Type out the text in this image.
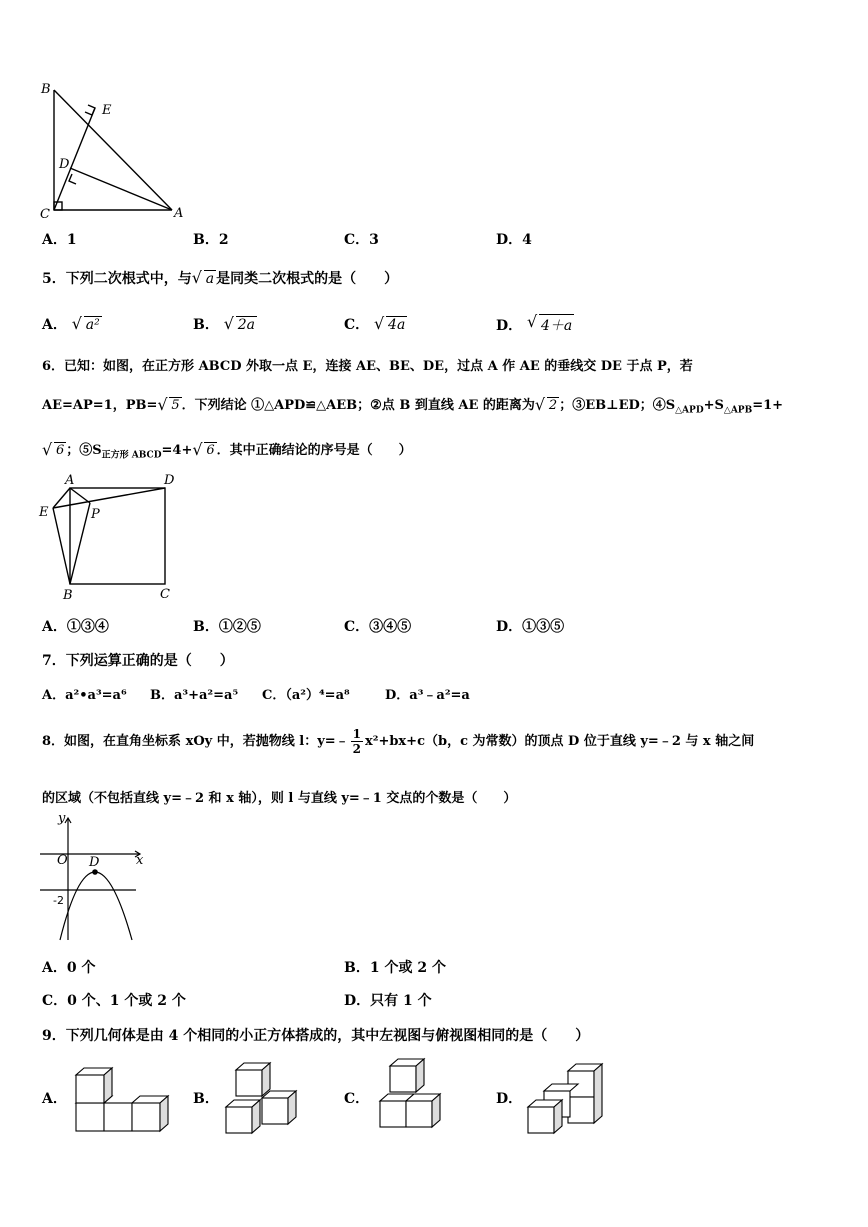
B
E
D
C	A
A．1	B．2	C．3	D．4
5．下列二次根式中，与 √ a 是同类二次根式的是（　　）
A． √ a²	B． √ 2a	C． √ 4a	D． √ 4＋a
6．已知：如图，在正方形 ABCD 外取一点 E，连接 AE、BE、DE，过点 A 作 AE 的垂线交 DE 于点 P，若
AE=AP=1，PB= √ 5 ．下列结论 ①△APD≌△AEB；②点 B 到直线 AE 的距离为 √ 2 ；③EB⊥ED；$④S_{\triangle APD}+S_{\triangle APB}=1+$
√ 6 ；$⑤S_{正方形 ABCD}=4+$ √ 6 ．其中正确结论的序号是（　　）
A	D
E	P
B	C
A．①③④	B．①②⑤	C．③④⑤	D．①③⑤
7．下列运算正确的是（　　）
A．a²•a³=a⁶ B．a³+a²=a⁵ C．（a²）⁴=a⁸	D．a³﹣a²=a
8．如图，在直角坐标系 xOy 中，若抛物线 l：y=﹣ $\frac{1}{2} x^2+bx+c(b$，c 为常数）的顶点 D 位于直线 y=﹣2 与 x 轴之间
的区域（不包括直线 y=﹣2 和 x 轴），则 l 与直线 y=﹣1 交点的个数是（　　）
y
x
O D
-2
A．0 个	B．1 个或 2 个
C．0 个、1 个或 2 个	D．只有 1 个
9．下列几何体是由 4 个相同的小正方体搭成的，其中左视图与俯视图相同的是（　　）
A．	B．	C．	D．
